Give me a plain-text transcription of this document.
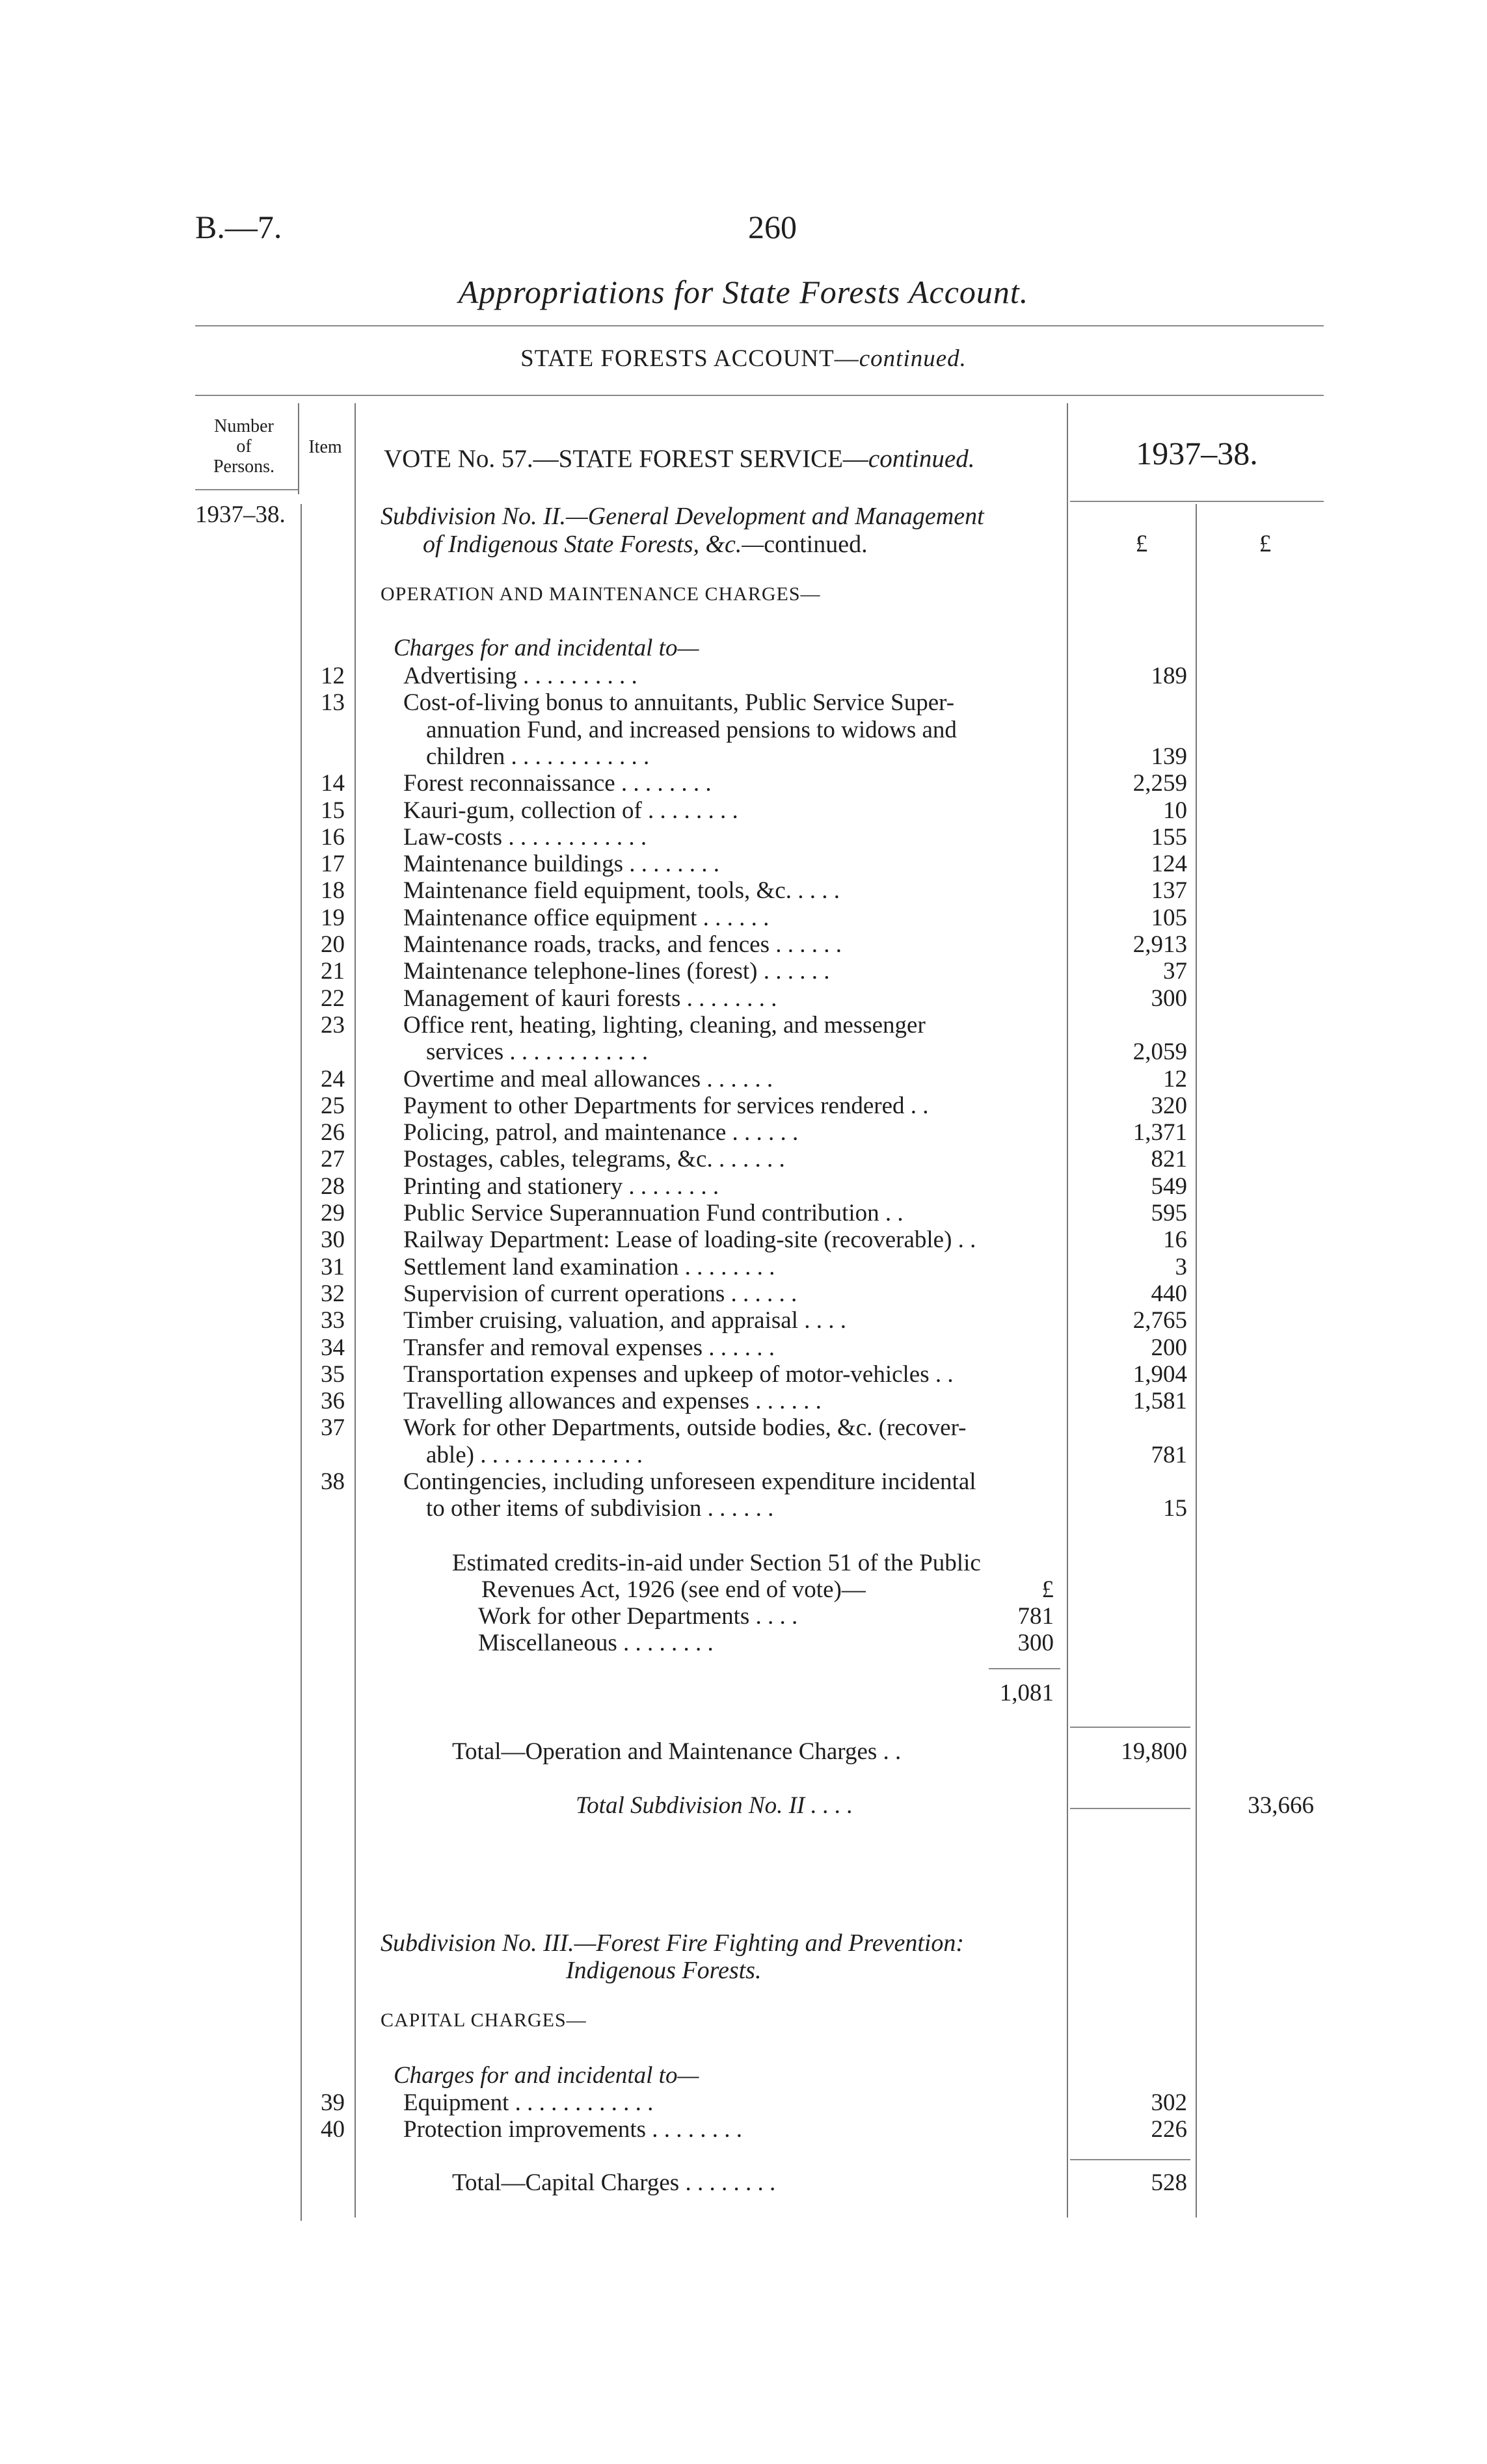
B.—7.	260
Appropriations for State Forests Account.
STATE FORESTS ACCOUNT—continued.
Number
of
Persons.
Item	VOTE No. 57.—STATE FOREST SERVICE—continued.	1937–38.
1937–38.	Subdivision No. II.—General Development and Management
of Indigenous State Forests, &c.—continued.	£	£
OPERATION AND MAINTENANCE CHARGES—
Charges for and incidental to—
12 Advertising . . . . . . . . . .	189
13 Cost-of-living bonus to annuitants, Public Service Super-
annuation Fund, and increased pensions to widows and
children . . . . . . . . . . . .	139
14 Forest reconnaissance . . . . . . . .	2,259
15 Kauri-gum, collection of . . . . . . . .	10
16 Law-costs . . . . . . . . . . . .	155
17 Maintenance buildings . . . . . . . .	124
18 Maintenance field equipment, tools, &c. . . . .	137
19 Maintenance office equipment . . . . . .	105
20 Maintenance roads, tracks, and fences . . . . . .	2,913
21 Maintenance telephone-lines (forest) . . . . . .	37
22 Management of kauri forests . . . . . . . .	300
23 Office rent, heating, lighting, cleaning, and messenger
services . . . . . . . . . . . .	2,059
24 Overtime and meal allowances . . . . . .	12
25 Payment to other Departments for services rendered . .	320
26 Policing, patrol, and maintenance . . . . . .	1,371
27 Postages, cables, telegrams, &c. . . . . . .	821
28 Printing and stationery . . . . . . . .	549
29 Public Service Superannuation Fund contribution . .	595
30 Railway Department: Lease of loading-site (recoverable) . .	16
31 Settlement land examination . . . . . . . .	3
32 Supervision of current operations . . . . . .	440
33 Timber cruising, valuation, and appraisal . . . .	2,765
34 Transfer and removal expenses . . . . . .	200
35 Transportation expenses and upkeep of motor-vehicles . .	1,904
36 Travelling allowances and expenses . . . . . .	1,581
37 Work for other Departments, outside bodies, &c. (recover-
able) . . . . . . . . . . . . . .	781
38 Contingencies, including unforeseen expenditure incidental
to other items of subdivision . . . . . .	15
Estimated credits-in-aid under Section 51 of the Public
Revenues Act, 1926 (see end of vote)—	£
Work for other Departments . . . .	781
Miscellaneous . . . . . . . .	300
1,081
Total—Operation and Maintenance Charges . .	19,800
Total Subdivision No. II . . . .	33,666
Subdivision No. III.—Forest Fire Fighting and Prevention:
Indigenous Forests.
CAPITAL CHARGES—
Charges for and incidental to—
39 Equipment . . . . . . . . . . . .	302
40 Protection improvements . . . . . . . .	226
Total—Capital Charges . . . . . . . .	528
